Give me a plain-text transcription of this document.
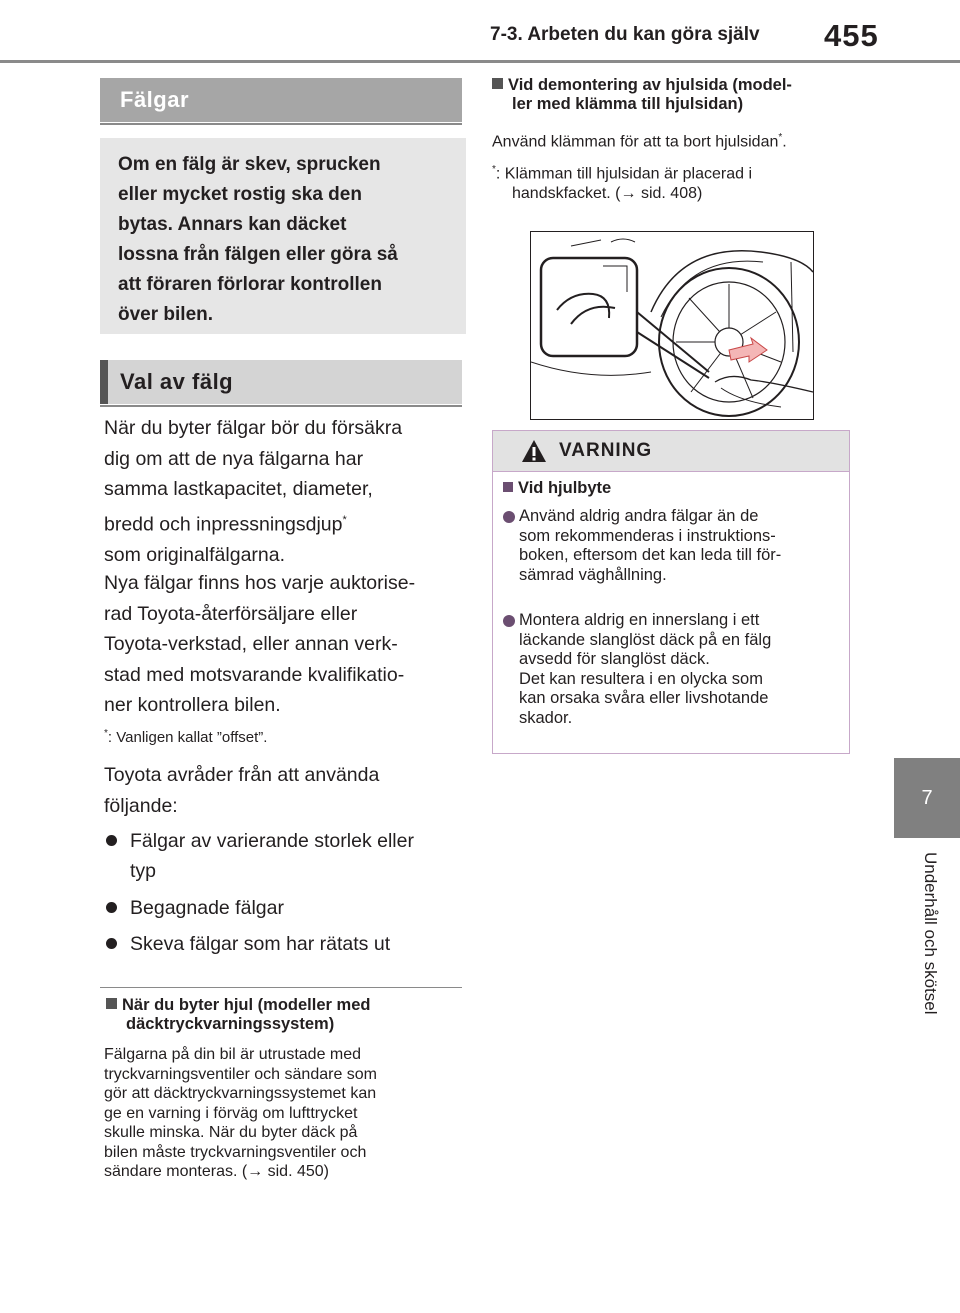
7-3. Arbeten du kan göra själv 455
7
Underhåll och skötsel
Fälgar

Om en fälg är skev, sprucken
eller mycket rostig ska den
bytas. Annars kan däcket
lossna från fälgen eller göra så
att föraren förlorar kontrollen
över bilen.

Val av fälg

När du byter fälgar bör du försäkra
dig om att de nya fälgarna har
samma lastkapacitet, diameter,
bredd och inpressningsdjup*
som originalfälgarna.

Nya fälgar finns hos varje auktorise-
rad Toyota-återförsäljare eller
Toyota-verkstad, eller annan verk-
stad med motsvarande kvalifikatio-
ner kontrollera bilen.

*: Vanligen kallat ”offset”.

Toyota avråder från att använda
följande:

Fälgar av varierande storlek eller
typ
Begagnade fälgar
Skeva fälgar som har rätats ut
När du byter hjul (modeller med
däcktryckvarningssystem)
Fälgarna på din bil är utrustade med
tryckvarningsventiler och sändare som
gör att däcktryckvarningssystemet kan
ge en varning i förväg om lufttrycket
skulle minska. När du byter däck på
bilen måste tryckvarningsventiler och
sändare monteras. (→ sid. 450)
Vid demontering av hjulsida (model-
ler med klämma till hjulsidan)
Använd klämman för att ta bort hjulsidan*.
*: Klämman till hjulsidan är placerad i
handskfacket. (→ sid. 408)
VARNING
Vid hjulbyte
Använd aldrig andra fälgar än de
som rekommenderas i instruktions-
boken, eftersom det kan leda till för-
sämrad väghållning.
Montera aldrig en innerslang i ett
läckande slanglöst däck på en fälg
avsedd för slanglöst däck.
Det kan resultera i en olycka som
kan orsaka svåra eller livshotande
skador.
